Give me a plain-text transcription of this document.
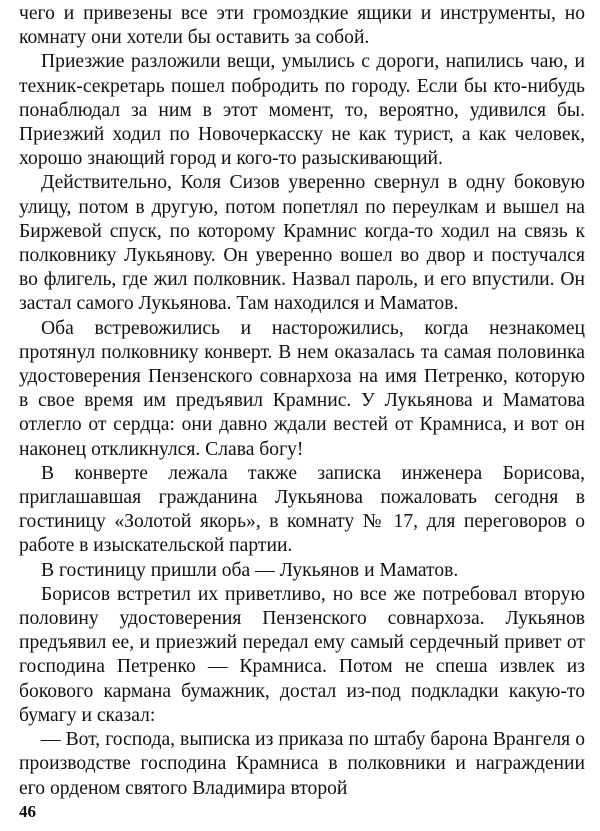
чего и привезены все эти громоздкие ящики и инструменты, но комнату они хотели бы оставить за собой.

Приезжие разложили вещи, умылись с дороги, напились чаю, и техник-секретарь пошел побродить по городу. Если бы кто-нибудь понаблюдал за ним в этот момент, то, вероятно, удивился бы. Приезжий ходил по Новочеркасску не как турист, а как человек, хорошо знающий город и кого-то разыскивающий.

Действительно, Коля Сизов уверенно свернул в одну боковую улицу, потом в другую, потом попетлял по переулкам и вышел на Биржевой спуск, по которому Крамнис когда-то ходил на связь к полковнику Лукьянову. Он уверенно вошел во двор и постучался во флигель, где жил полковник. Назвал пароль, и его впустили. Он застал самого Лукьянова. Там находился и Маматов.

Оба встревожились и насторожились, когда незнакомец протянул полковнику конверт. В нем оказалась та самая половинка удостоверения Пензенского совнархоза на имя Петренко, которую в свое время им предъявил Крамнис. У Лукьянова и Маматова отлегло от сердца: они давно ждали вестей от Крамниса, и вот он наконец откликнулся. Слава богу!

В конверте лежала также записка инженера Борисова, приглашавшая гражданина Лукьянова пожаловать сегодня в гостиницу «Золотой якорь», в комнату № 17, для переговоров о работе в изыскательской партии.

В гостиницу пришли оба — Лукьянов и Маматов.

Борисов встретил их приветливо, но все же потребовал вторую половину удостоверения Пензенского совнархоза. Лукьянов предъявил ее, и приезжий передал ему самый сердечный привет от господина Петренко — Крамниса. Потом не спеша извлек из бокового кармана бумажник, достал из-под подкладки какую-то бумагу и сказал:

— Вот, господа, выписка из приказа по штабу барона Врангеля о производстве господина Крамниса в полковники и награждении его орденом святого Владимира второй

46
